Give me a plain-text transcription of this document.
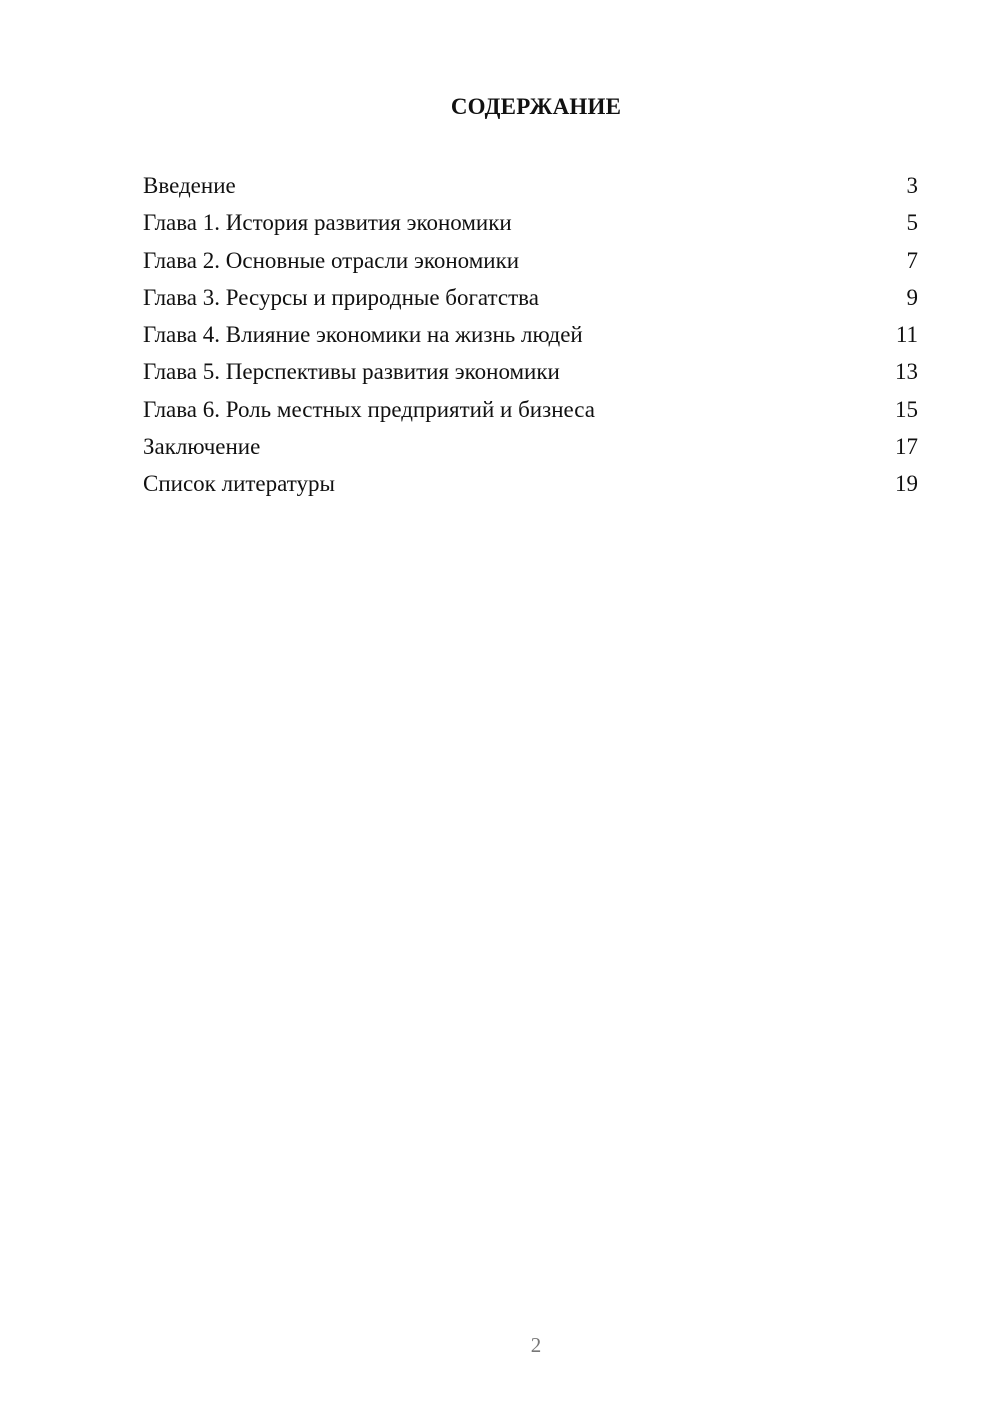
СОДЕРЖАНИЕ
Введение	3
Глава 1. История развития экономики	5
Глава 2. Основные отрасли экономики	7
Глава 3. Ресурсы и природные богатства	9
Глава 4. Влияние экономики на жизнь людей	11
Глава 5. Перспективы развития экономики	13
Глава 6. Роль местных предприятий и бизнеса	15
Заключение	17
Список литературы	19
2
